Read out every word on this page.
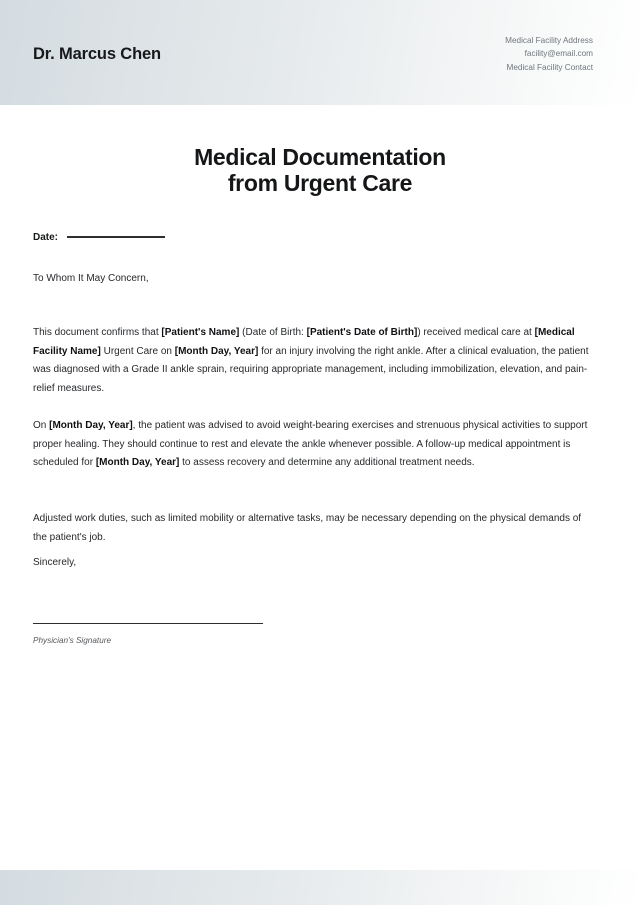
Dr. Marcus Chen
Medical Facility Address
facility@email.com
Medical Facility Contact
Medical Documentation
from Urgent Care
Date:
To Whom It May Concern,

This document confirms that [Patient's Name] (Date of Birth: [Patient's Date of Birth]) received medical care at [Medical Facility Name] Urgent Care on [Month Day, Year] for an injury involving the right ankle. After a clinical evaluation, the patient was diagnosed with a Grade II ankle sprain, requiring appropriate management, including immobilization, elevation, and pain-relief measures.

On [Month Day, Year], the patient was advised to avoid weight-bearing exercises and strenuous physical activities to support proper healing. They should continue to rest and elevate the ankle whenever possible. A follow-up medical appointment is scheduled for [Month Day, Year] to assess recovery and determine any additional treatment needs.

Adjusted work duties, such as limited mobility or alternative tasks, may be necessary depending on the physical demands of the patient's job.

Sincerely,
Physician's Signature
